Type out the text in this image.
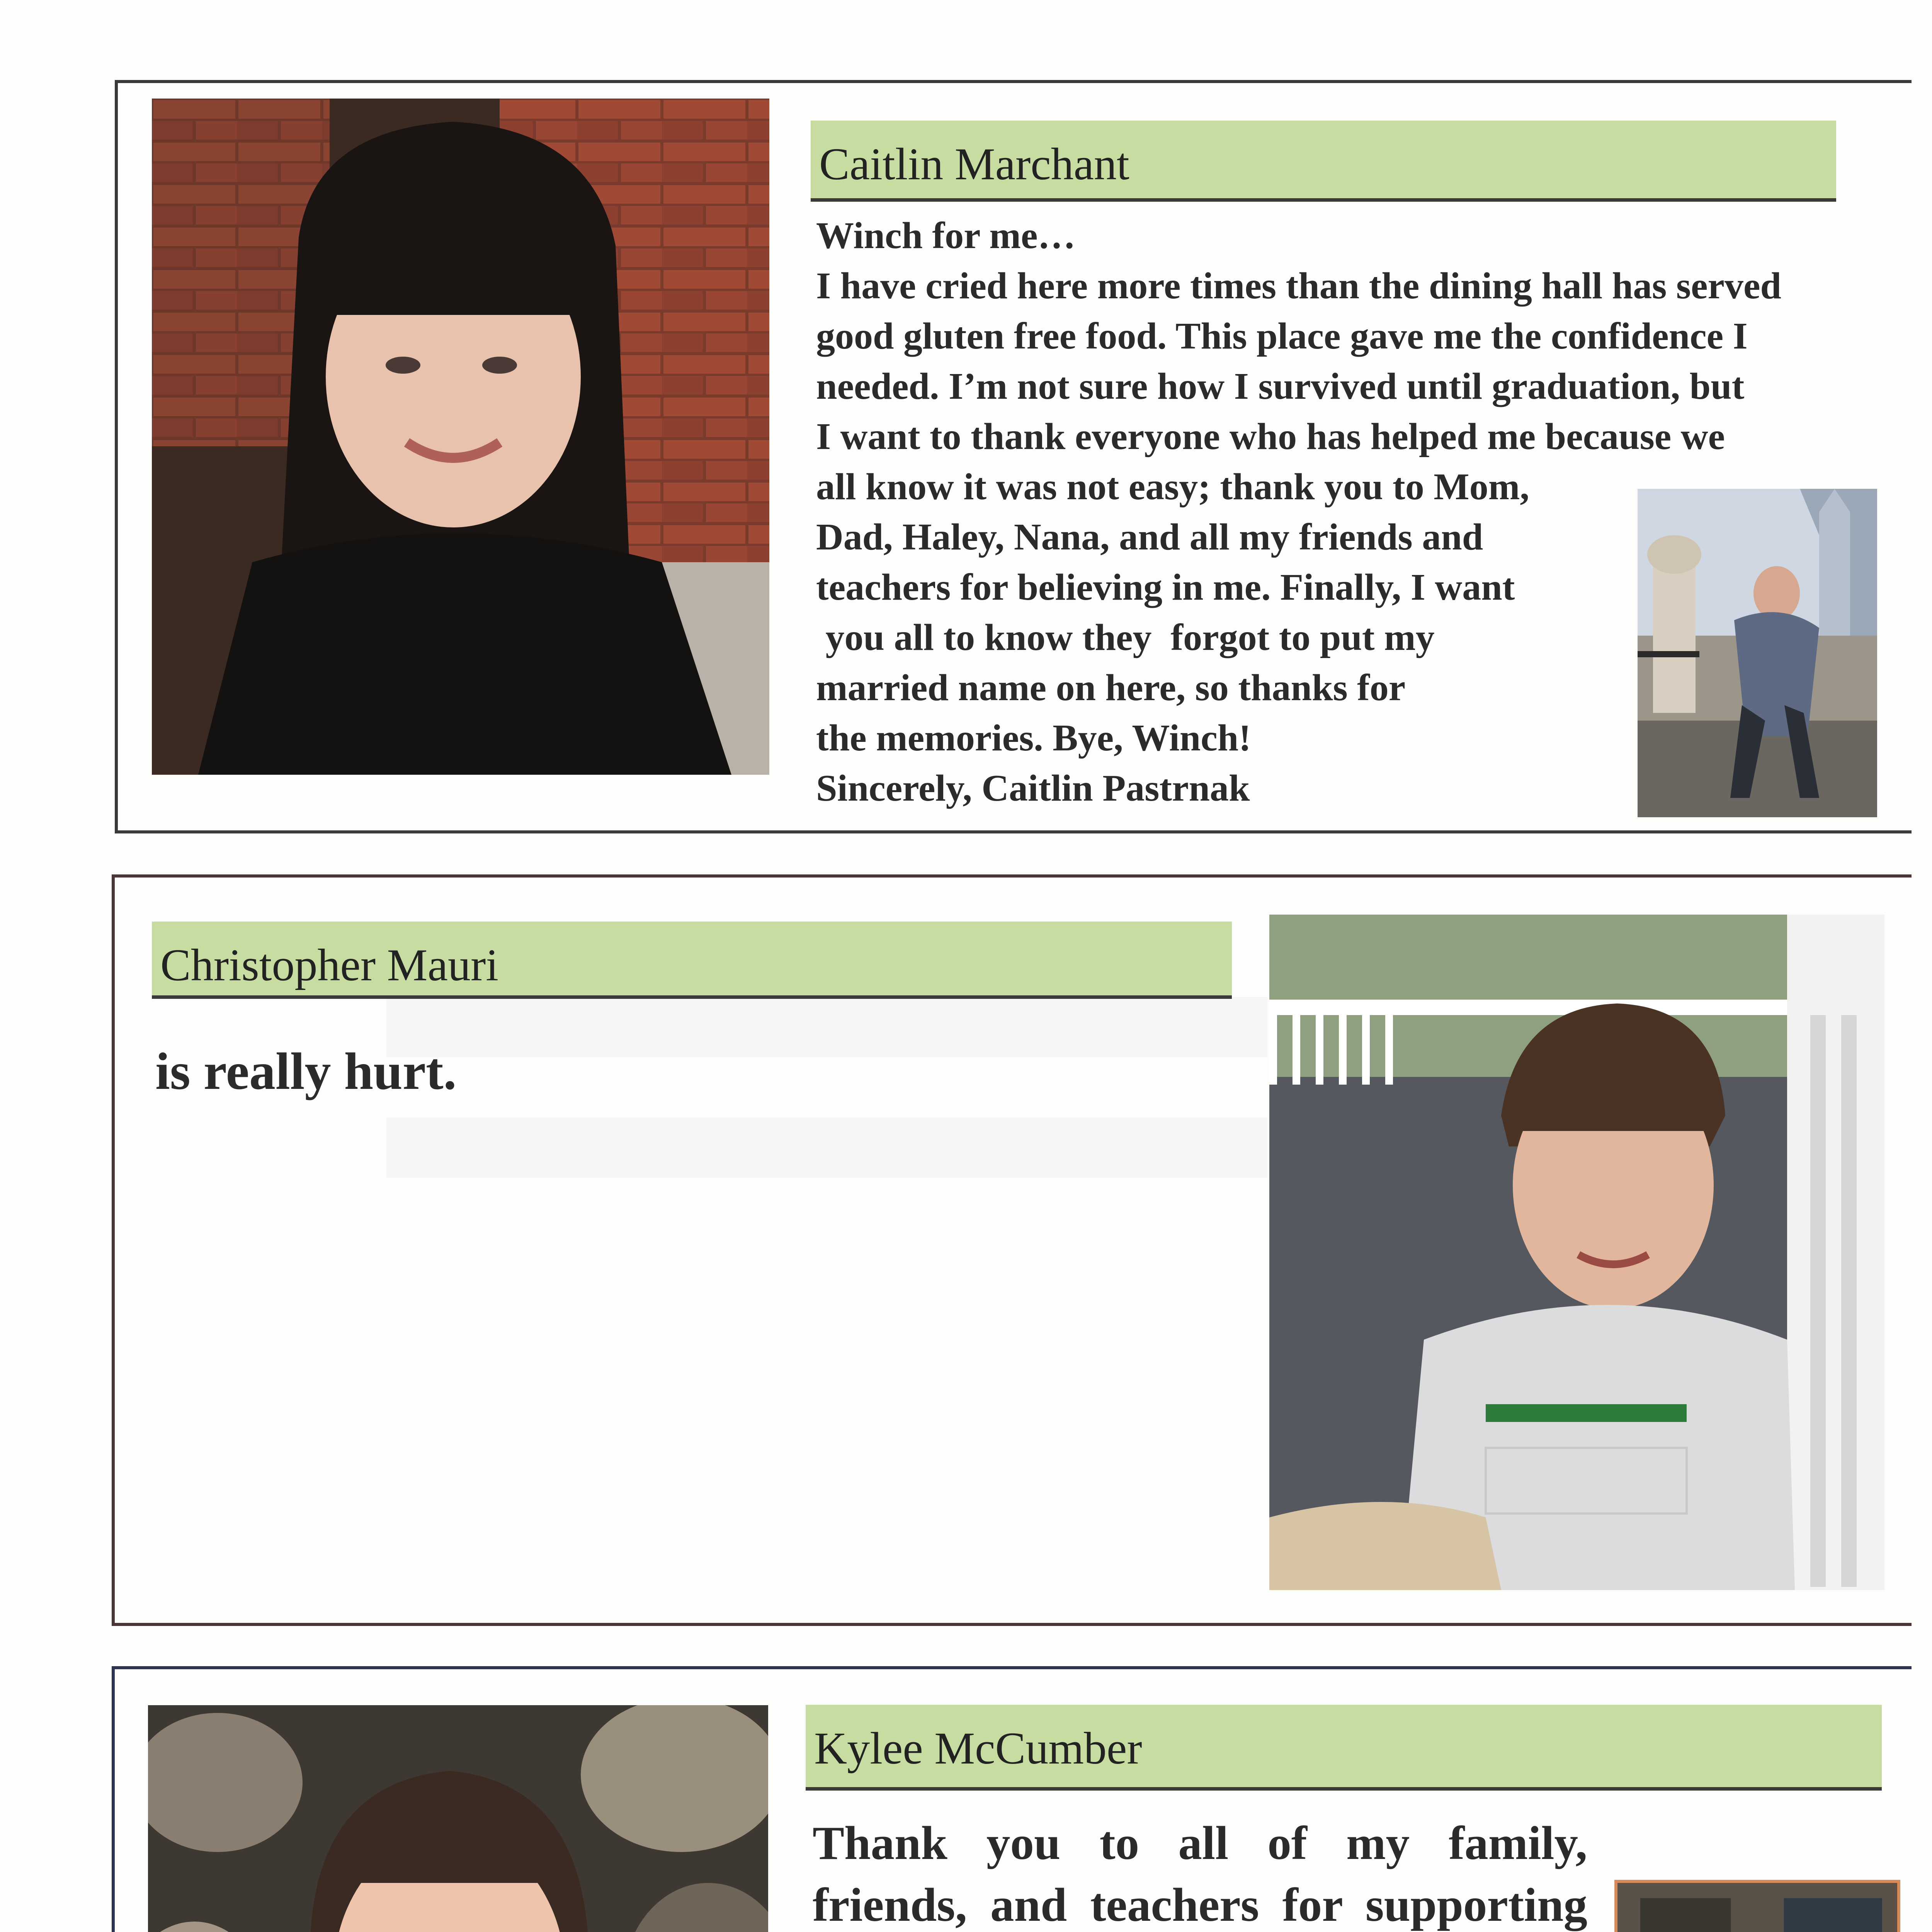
Caitlin Marchant
Winch for me…
I have cried here more times than the dining hall has served
good gluten free food. This place gave me the confidence I
needed. I’m not sure how I survived until graduation, but
I want to thank everyone who has helped me because we
all know it was not easy; thank you to Mom,
Dad, Haley, Nana, and all my friends and
teachers for believing in me. Finally, I want
you all to know they  forgot to put my
married name on here, so thanks for
the memories. Bye, Winch!
Sincerely, Caitlin Pastrnak
Christopher Mauri
is really hurt.
Kylee McCumber
Thank you to all of my family, friends, and teachers for supporting
